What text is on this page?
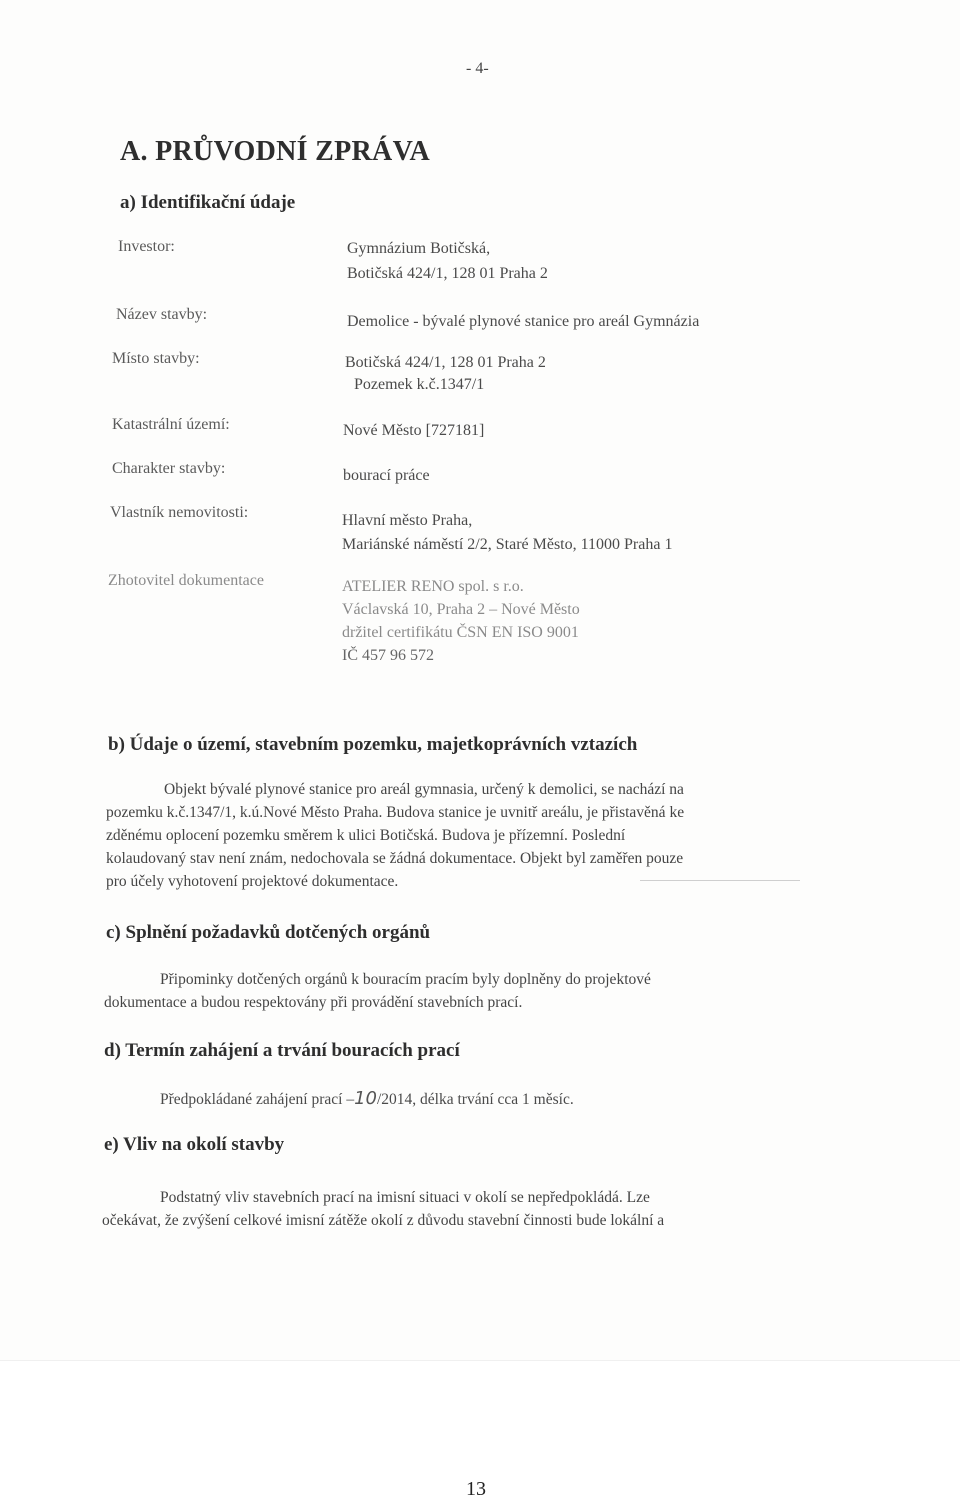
- 4-
A. PRŮVODNÍ ZPRÁVA
a) Identifikační údaje
Investor:	Gymnázium Botičská,
Botičská 424/1, 128 01 Praha 2
Název stavby:	Demolice - bývalé plynové stanice pro areál Gymnázia
Místo stavby:	Botičská 424/1, 128 01 Praha 2
Pozemek k.č.1347/1
Katastrální území:	Nové Město [727181]
Charakter stavby:	bourací práce
Vlastník nemovitosti:	Hlavní město Praha,
Mariánské náměstí 2/2, Staré Město, 11000 Praha 1
Zhotovitel dokumentace	ATELIER RENO spol. s r.o.
Václavská 10, Praha 2 – Nové Město
držitel certifikátu ČSN EN ISO 9001
IČ 457 96 572
b) Údaje o území, stavebním pozemku, majetkoprávních vztazích
Objekt bývalé plynové stanice pro areál gymnasia, určený k demolici, se nachází na
pozemku k.č.1347/1, k.ú.Nové Město Praha. Budova stanice je uvnitř areálu, je přistavěná ke
zděnému oplocení pozemku směrem k ulici Botičská. Budova je přízemní. Poslední
kolaudovaný stav není znám, nedochovala se žádná dokumentace. Objekt byl zaměřen pouze
pro účely vyhotovení projektové dokumentace.
c) Splnění požadavků dotčených orgánů
Připominky dotčených orgánů k bouracím pracím byly doplněny do projektové
dokumentace a budou respektovány při provádění stavebních prací.
d) Termín zahájení a trvání bouracích prací
Předpokládané zahájení prací –10/2014, délka trvání cca 1 měsíc.
e) Vliv na okolí stavby
Podstatný vliv stavebních prací na imisní situaci v okolí se nepředpokládá. Lze
očekávat, že zvýšení celkové imisní zátěže okolí z důvodu stavební činnosti bude lokální a
13
